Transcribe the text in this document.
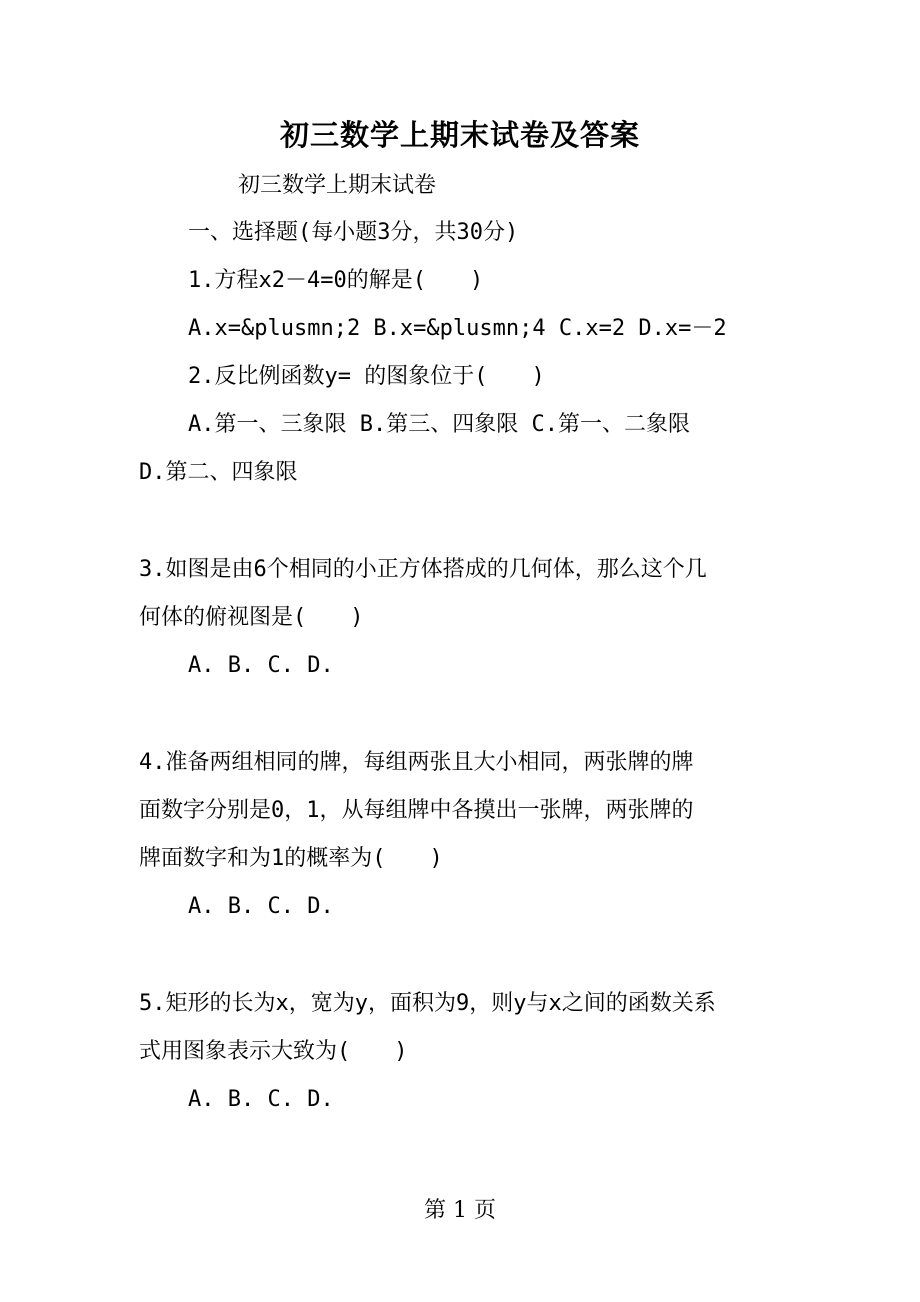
初三数学上期末试卷及答案

初三数学上期末试卷

一、选择题(每小题3分，共30分)

1.方程x2－4=0的解是(　　)

A.x=&plusmn;2 B.x=&plusmn;4 C.x=2 D.x=－2

2.反比例函数y= 的图象位于(　　)

A.第一、三象限 B.第三、四象限 C.第一、二象限

D.第二、四象限

3.如图是由6个相同的小正方体搭成的几何体，那么这个几

何体的俯视图是(　　)

A. B. C. D.

4.准备两组相同的牌，每组两张且大小相同，两张牌的牌

面数字分别是0，1，从每组牌中各摸出一张牌，两张牌的

牌面数字和为1的概率为(　　)

A. B. C. D.

5.矩形的长为x，宽为y，面积为9，则y与x之间的函数关系

式用图象表示大致为(　　)

A. B. C. D.

第 1 页
